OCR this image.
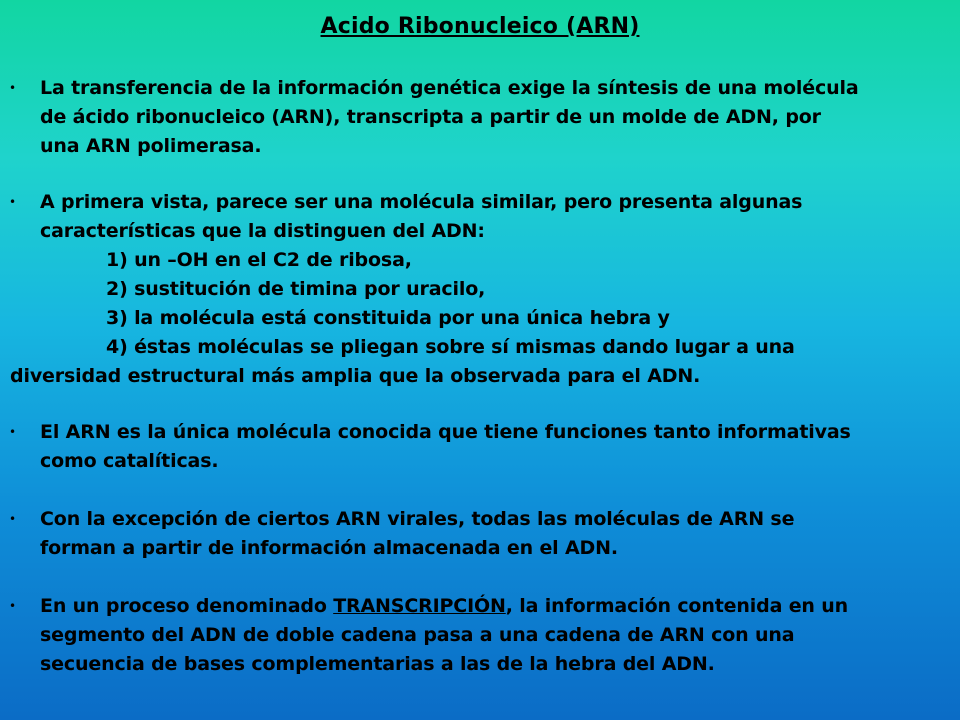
Acido Ribonucleico (ARN)
• La transferencia de la información genética exige la síntesis de una molécula
de ácido ribonucleico (ARN), transcripta a partir de un molde de ADN, por
una ARN polimerasa.
• A primera vista, parece ser una molécula similar, pero presenta algunas
características que la distinguen del ADN:
1) un –OH en el C2 de ribosa,
2) sustitución de timina por uracilo,
3) la molécula está constituida por una única hebra y
4) éstas moléculas se pliegan sobre sí mismas dando lugar a una
diversidad estructural más amplia que la observada para el ADN.
• El ARN es la única molécula conocida que tiene funciones tanto informativas
como catalíticas.
• Con la excepción de ciertos ARN virales, todas las moléculas de ARN se
forman a partir de información almacenada en el ADN.
• En un proceso denominado TRANSCRIPCIÓN, la información contenida en un
segmento del ADN de doble cadena pasa a una cadena de ARN con una
secuencia de bases complementarias a las de la hebra del ADN.
